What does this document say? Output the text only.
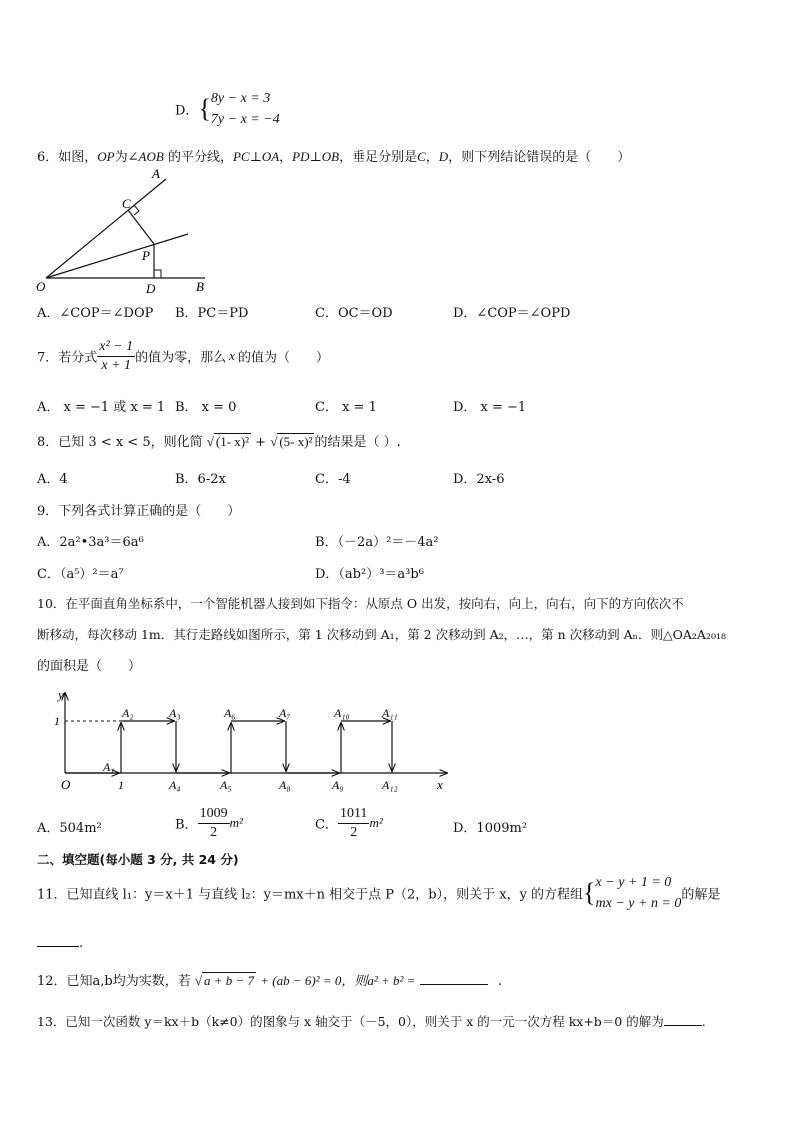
D．{ 8y − x = 3
7y − x = −4
6．如图，OP为∠AOB 的平分线，PC⊥OA，PD⊥OB，垂足分别是C，D，则下列结论错误的是（　　）
A
C
P
O	D	B
A．∠COP＝∠DOP B．PC＝PD	C．OC＝OD	D．∠COP＝∠OPD
7．若分式 $\frac{\text{x² − 1}}{x + 1}$ 的值为零，那么 x 的值为（　　）
A． x = −1 或 x = 1 B． x = 0	C． x = 1	D． x = −1
8．已知 3 < x < 5，则化简 √ (1- x)² + √ (5- x)² 的结果是（ ）.
A．4	B．6-2x	C．-4	D．2x-6
9．下列各式计算正确的是（　　）
A．2a²•3a³＝6a⁶	B．（－2a）²＝－4a²
C．（a⁵）²＝a⁷	D．（ab²）³＝a³b⁶
10．在平面直角坐标系中，一个智能机器人接到如下指令：从原点 O 出发，按向右，向上，向右，向下的方向依次不
断移动，每次移动 1m．其行走路线如图所示，第 1 次移动到 A₁，第 2 次移动到 A₂，…，第 n 次移动到 Aₙ．则△OA₂A₂₀₁₈
的面积是（　　）
y
x
1
O	1
A₁
A₂	A₃
A₄	A₅
A₆	A₇
A₈	A₉
A₁₀	A₁₁
A₁₂
A．504m²	B． $\frac{1009}{2} m^2$	C． $\frac{1011}{2} m^2$	D．1009m²
二、填空题(每小题 3 分, 共 24 分)
11．已知直线 l₁：y＝x＋1 与直线 l₂：y＝mx＋n 相交于点 P（2，b），则关于 x，y 的方程组{ x − y + 1 = 0
mx − y + n = 0
的解是
.
12．已知a,b均为实数，若 √ a + b − 7 + (ab − 6)² = 0，则a² + b² =	.
13．已知一次函数 y＝kx＋b（k≠0）的图象与 x 轴交于（－5，0），则关于 x 的一元一次方程 kx+b＝0 的解为	.
